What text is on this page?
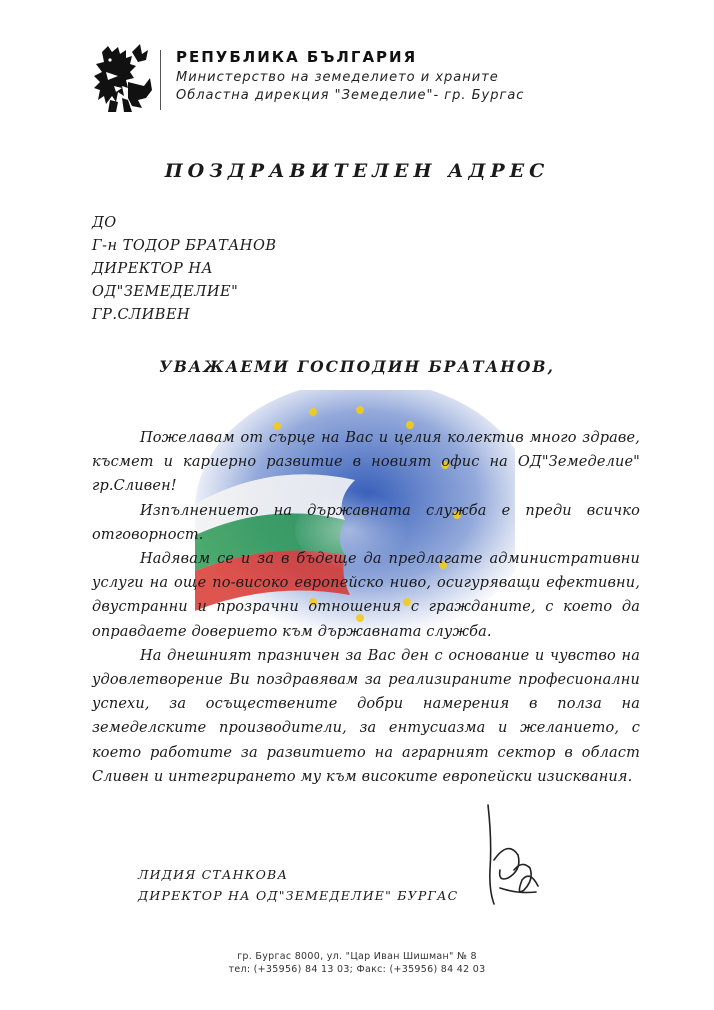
РЕПУБЛИКА БЪЛГАРИЯ
Министерство на земеделието и храните
Областна дирекция "Земеделие"- гр. Бургас
ПОЗДРАВИТЕЛЕН АДРЕС
ДО
Г-н ТОДОР БРАТАНОВ
ДИРЕКТОР НА
ОД"ЗЕМЕДЕЛИЕ"
ГР.СЛИВЕН
УВАЖАЕМИ ГОСПОДИН БРАТАНОВ,

Пожелавам от сърце на Вас и целия колектив много здраве, късмет и кариерно развитие в новият офис на ОД"Земеделие" гр.Сливен!

Изпълнението на държавната служба е преди всичко отговорност.

Надявам се и за в бъдеще да предлагате административни услуги на още по-високо европейско ниво, осигуряващи ефективни, двустранни и прозрачни отношения с гражданите, с което да оправдаете доверието към държавната служба.

На днешният празничен за Вас ден с основание и чувство на удовлетворение Ви поздравявам за реализираните професионални успехи, за осъществените добри намерения в полза на земеделските производители, за ентусиазма и желанието, с което работите за развитието на аграрният сектор в област Сливен и интегрирането му към високите европейски изисквания.

ЛИДИЯ СТАНКОВА
ДИРЕКТОР НА ОД"ЗЕМЕДЕЛИЕ" БУРГАС
гр. Бургас 8000, ул. "Цар Иван Шишман" № 8
тел: (+35956) 84 13 03; Факс: (+35956) 84 42 03
